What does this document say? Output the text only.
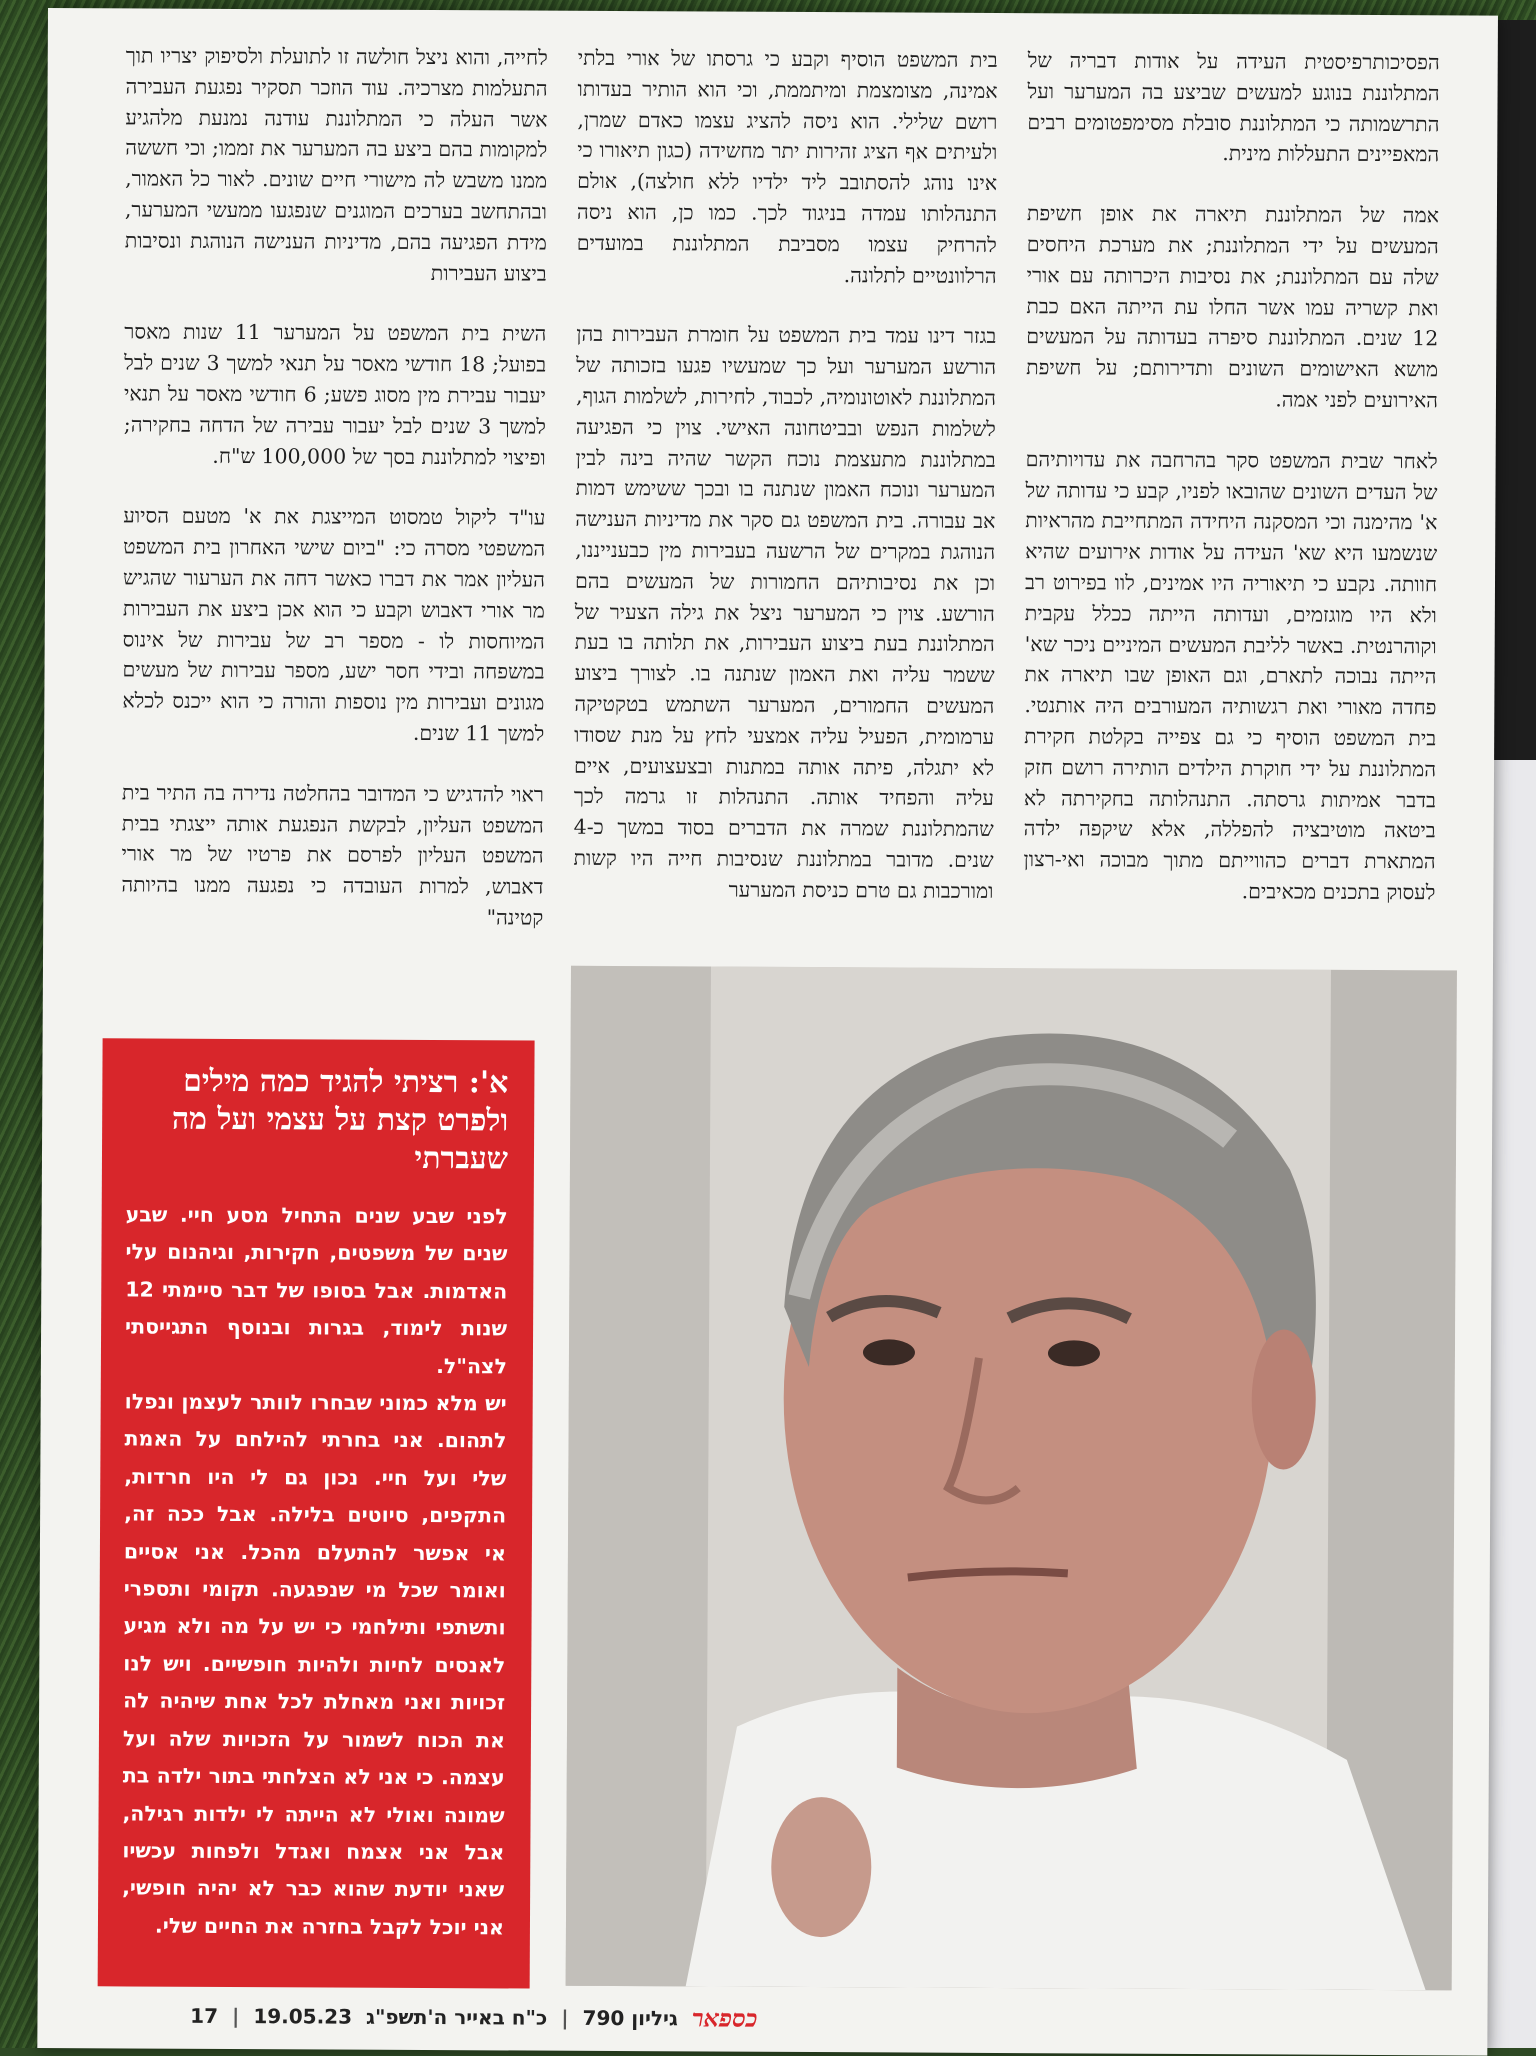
הפסיכותרפיסטית העידה על אודות דבריה של המתלוננת בנוגע למעשים שביצע בה המערער ועל התרשמותה כי המתלוננת סובלת מסימפטומים רבים המאפיינים התעללות מינית.

אמה של המתלוננת תיארה את אופן חשיפת המעשים על ידי המתלוננת; את מערכת היחסים שלה עם המתלוננת; את נסיבות היכרותה עם אורי ואת קשריה עמו אשר החלו עת הייתה האם כבת 12 שנים. המתלוננת סיפרה בעדותה על המעשים מושא האישומים השונים ותדירותם; על חשיפת האירועים לפני אמה.

לאחר שבית המשפט סקר בהרחבה את עדויותיהם של העדים השונים שהובאו לפניו, קבע כי עדותה של א' מהימנה וכי המסקנה היחידה המתחייבת מהראיות שנשמעו היא שא' העידה על אודות אירועים שהיא חוותה. נקבע כי תיאוריה היו אמינים, לוו בפירוט רב ולא היו מוגזמים, ועדותה הייתה ככלל עקבית וקוהרנטית. באשר לליבת המעשים המיניים ניכר שא' הייתה נבוכה לתארם, וגם האופן שבו תיארה את פחדה מאורי ואת רגשותיה המעורבים היה אותנטי. בית המשפט הוסיף כי גם צפייה בקלטת חקירת המתלוננת על ידי חוקרת הילדים הותירה רושם חזק בדבר אמיתות גרסתה. התנהלותה בחקירתה לא ביטאה מוטיבציה להפללה, אלא שיקפה ילדה המתארת דברים כהווייתם מתוך מבוכה ואי-רצון לעסוק בתכנים מכאיבים.

בית המשפט הוסיף וקבע כי גרסתו של אורי בלתי אמינה, מצומצמת ומיתממת, וכי הוא הותיר בעדותו רושם שלילי. הוא ניסה להציג עצמו כאדם שמרן, ולעיתים אף הציג זהירות יתר מחשידה (כגון תיאורו כי אינו נוהג להסתובב ליד ילדיו ללא חולצה), אולם התנהלותו עמדה בניגוד לכך. כמו כן, הוא ניסה להרחיק עצמו מסביבת המתלוננת במועדים הרלוונטיים לתלונה.

בגזר דינו עמד בית המשפט על חומרת העבירות בהן הורשע המערער ועל כך שמעשיו פגעו בזכותה של המתלוננת לאוטונומיה, לכבוד, לחירות, לשלמות הגוף, לשלמות הנפש ובביטחונה האישי. צוין כי הפגיעה במתלוננת מתעצמת נוכח הקשר שהיה בינה לבין המערער ונוכח האמון שנתנה בו ובכך ששימש דמות אב עבורה. בית המשפט גם סקר את מדיניות הענישה הנוהגת במקרים של הרשעה בעבירות מין כבענייננו, וכן את נסיבותיהם החמורות של המעשים בהם הורשע. צוין כי המערער ניצל את גילה הצעיר של המתלוננת בעת ביצוע העבירות, את תלותה בו בעת ששמר עליה ואת האמון שנתנה בו. לצורך ביצוע המעשים החמורים, המערער השתמש בטקטיקה ערמומית, הפעיל עליה אמצעי לחץ על מנת שסודו לא יתגלה, פיתה אותה במתנות ובצעצועים, איים עליה והפחיד אותה. התנהלות זו גרמה לכך שהמתלוננת שמרה את הדברים בסוד במשך כ-4 שנים. מדובר במתלוננת שנסיבות חייה היו קשות ומורכבות גם טרם כניסת המערער

לחייה, והוא ניצל חולשה זו לתועלת ולסיפוק יצריו תוך התעלמות מצרכיה. עוד הוזכר תסקיר נפגעת העבירה אשר העלה כי המתלוננת עודנה נמנעת מלהגיע למקומות בהם ביצע בה המערער את זממו; וכי חששה ממנו משבש לה מישורי חיים שונים. לאור כל האמור, ובהתחשב בערכים המוגנים שנפגעו ממעשי המערער, מידת הפגיעה בהם, מדיניות הענישה הנוהגת ונסיבות ביצוע העבירות

השית בית המשפט על המערער 11 שנות מאסר בפועל; 18 חודשי מאסר על תנאי למשך 3 שנים לבל יעבור עבירת מין מסוג פשע; 6 חודשי מאסר על תנאי למשך 3 שנים לבל יעבור עבירה של הדחה בחקירה; ופיצוי למתלוננת בסך של 100,000 ש"ח.

עו"ד ליקול טמסוט המייצגת את א' מטעם הסיוע המשפטי מסרה כי: "ביום שישי האחרון בית המשפט העליון אמר את דברו כאשר דחה את הערעור שהגיש מר אורי דאבוש וקבע כי הוא אכן ביצע את העבירות המיוחסות לו - מספר רב של עבירות של אינוס במשפחה ובידי חסר ישע, מספר עבירות של מעשים מגונים ועבירות מין נוספות והורה כי הוא ייכנס לכלא למשך 11 שנים.

ראוי להדגיש כי המדובר בהחלטה נדירה בה התיר בית המשפט העליון, לבקשת הנפגעת אותה ייצגתי בבית המשפט העליון לפרסם את פרטיו של מר אורי דאבוש, למרות העובדה כי נפגעה ממנו בהיותה קטינה"

א': רציתי להגיד כמה מילים ולפרט קצת על עצמי ועל מה שעברתי
לפני שבע שנים התחיל מסע חיי. שבע שנים של משפטים, חקירות, וגיהנום עלי האדמות. אבל בסופו של דבר סיימתי 12 שנות לימוד, בגרות ובנוסף התגייסתי לצה"ל.
יש מלא כמוני שבחרו לוותר לעצמן ונפלו לתהום. אני בחרתי להילחם על האמת שלי ועל חיי. נכון גם לי היו חרדות, התקפים, סיוטים בלילה. אבל ככה זה, אי אפשר להתעלם מהכל. אני אסיים ואומר שכל מי שנפגעה. תקומי ותספרי ותשתפי ותילחמי כי יש על מה ולא מגיע לאנסים לחיות ולהיות חופשיים. ויש לנו זכויות ואני מאחלת לכל אחת שיהיה לה את הכוח לשמור על הזכויות שלה ועל עצמה. כי אני לא הצלחתי בתור ילדה בת שמונה ואולי לא הייתה לי ילדות רגילה, אבל אני אצמח ואגדל ולפחות עכשיו שאני יודעת שהוא כבר לא יהיה חופשי, אני יוכל לקבל בחזרה את החיים שלי.
כספאר
גיליון 790
|
כ"ח באייר ה'תשפ"ג
19.05.23
|
17
